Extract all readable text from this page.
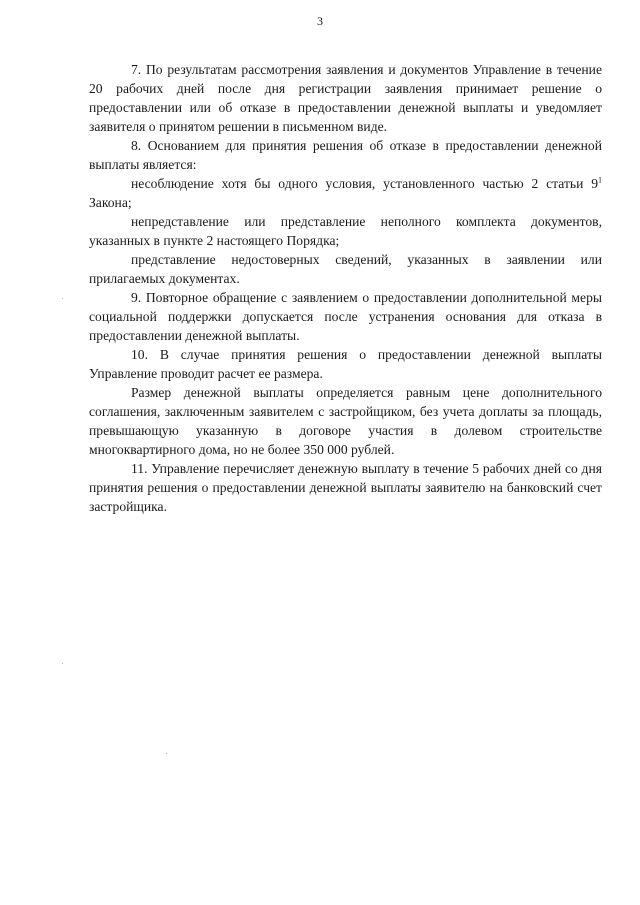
3

7. По результатам рассмотрения заявления и документов Управление в течение 20 рабочих дней после дня регистрации заявления принимает решение о предоставлении или об отказе в предоставлении денежной выплаты и уведомляет заявителя о принятом решении в письменном виде.

8. Основанием для принятия решения об отказе в предоставлении денежной выплаты является:

несоблюдение хотя бы одного условия, установленного частью 2 статьи $9^1$ Закона;

непредставление или представление неполного комплекта документов, указанных в пункте 2 настоящего Порядка;

представление недостоверных сведений, указанных в заявлении или прилагаемых документах.

9. Повторное обращение с заявлением о предоставлении дополнительной меры социальной поддержки допускается после устранения основания для отказа в предоставлении денежной выплаты.

10. В случае принятия решения о предоставлении денежной выплаты Управление проводит расчет ее размера.

Размер денежной выплаты определяется равным цене дополнительного соглашения, заключенным заявителем с застройщиком, без учета доплаты за площадь, превышающую указанную в договоре участия в долевом строительстве многоквартирного дома, но не более 350 000 рублей.

11. Управление перечисляет денежную выплату в течение 5 рабочих дней со дня принятия решения о предоставлении денежной выплаты заявителю на банковский счет застройщика.
